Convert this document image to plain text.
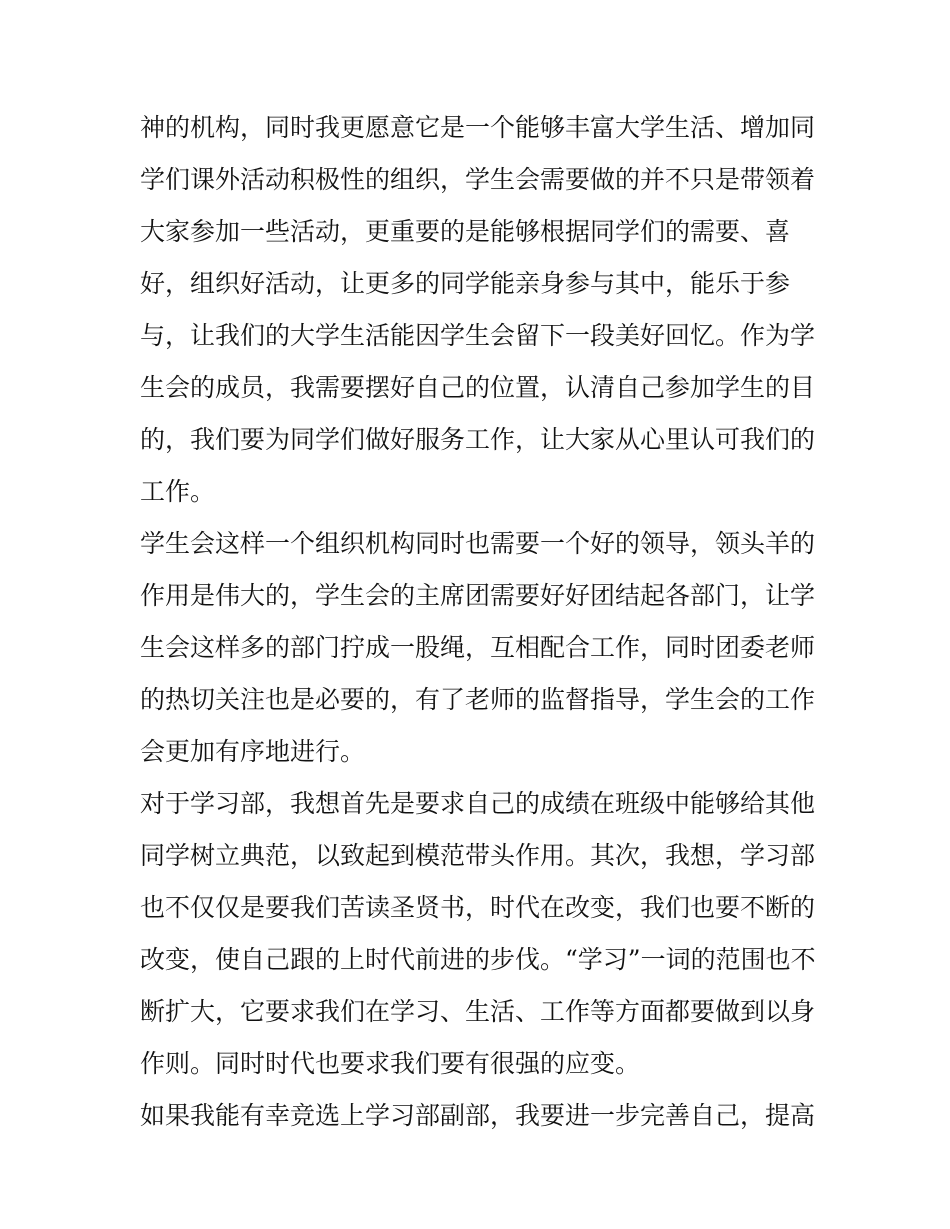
神的机构，同时我更愿意它是一个能够丰富大学生活、增加同
学们课外活动积极性的组织，学生会需要做的并不只是带领着
大家参加一些活动，更重要的是能够根据同学们的需要、喜
好，组织好活动，让更多的同学能亲身参与其中，能乐于参
与，让我们的大学生活能因学生会留下一段美好回忆。作为学
生会的成员，我需要摆好自己的位置，认清自己参加学生的目
的，我们要为同学们做好服务工作，让大家从心里认可我们的
工作。
学生会这样一个组织机构同时也需要一个好的领导，领头羊的
作用是伟大的，学生会的主席团需要好好团结起各部门，让学
生会这样多的部门拧成一股绳，互相配合工作，同时团委老师
的热切关注也是必要的，有了老师的监督指导，学生会的工作
会更加有序地进行。
对于学习部，我想首先是要求自己的成绩在班级中能够给其他
同学树立典范，以致起到模范带头作用。其次，我想，学习部
也不仅仅是要我们苦读圣贤书，时代在改变，我们也要不断的
改变，使自己跟的上时代前进的步伐。“学习”一词的范围也不
断扩大，它要求我们在学习、生活、工作等方面都要做到以身
作则。同时时代也要求我们要有很强的应变。
如果我能有幸竞选上学习部副部，我要进一步完善自己，提高
